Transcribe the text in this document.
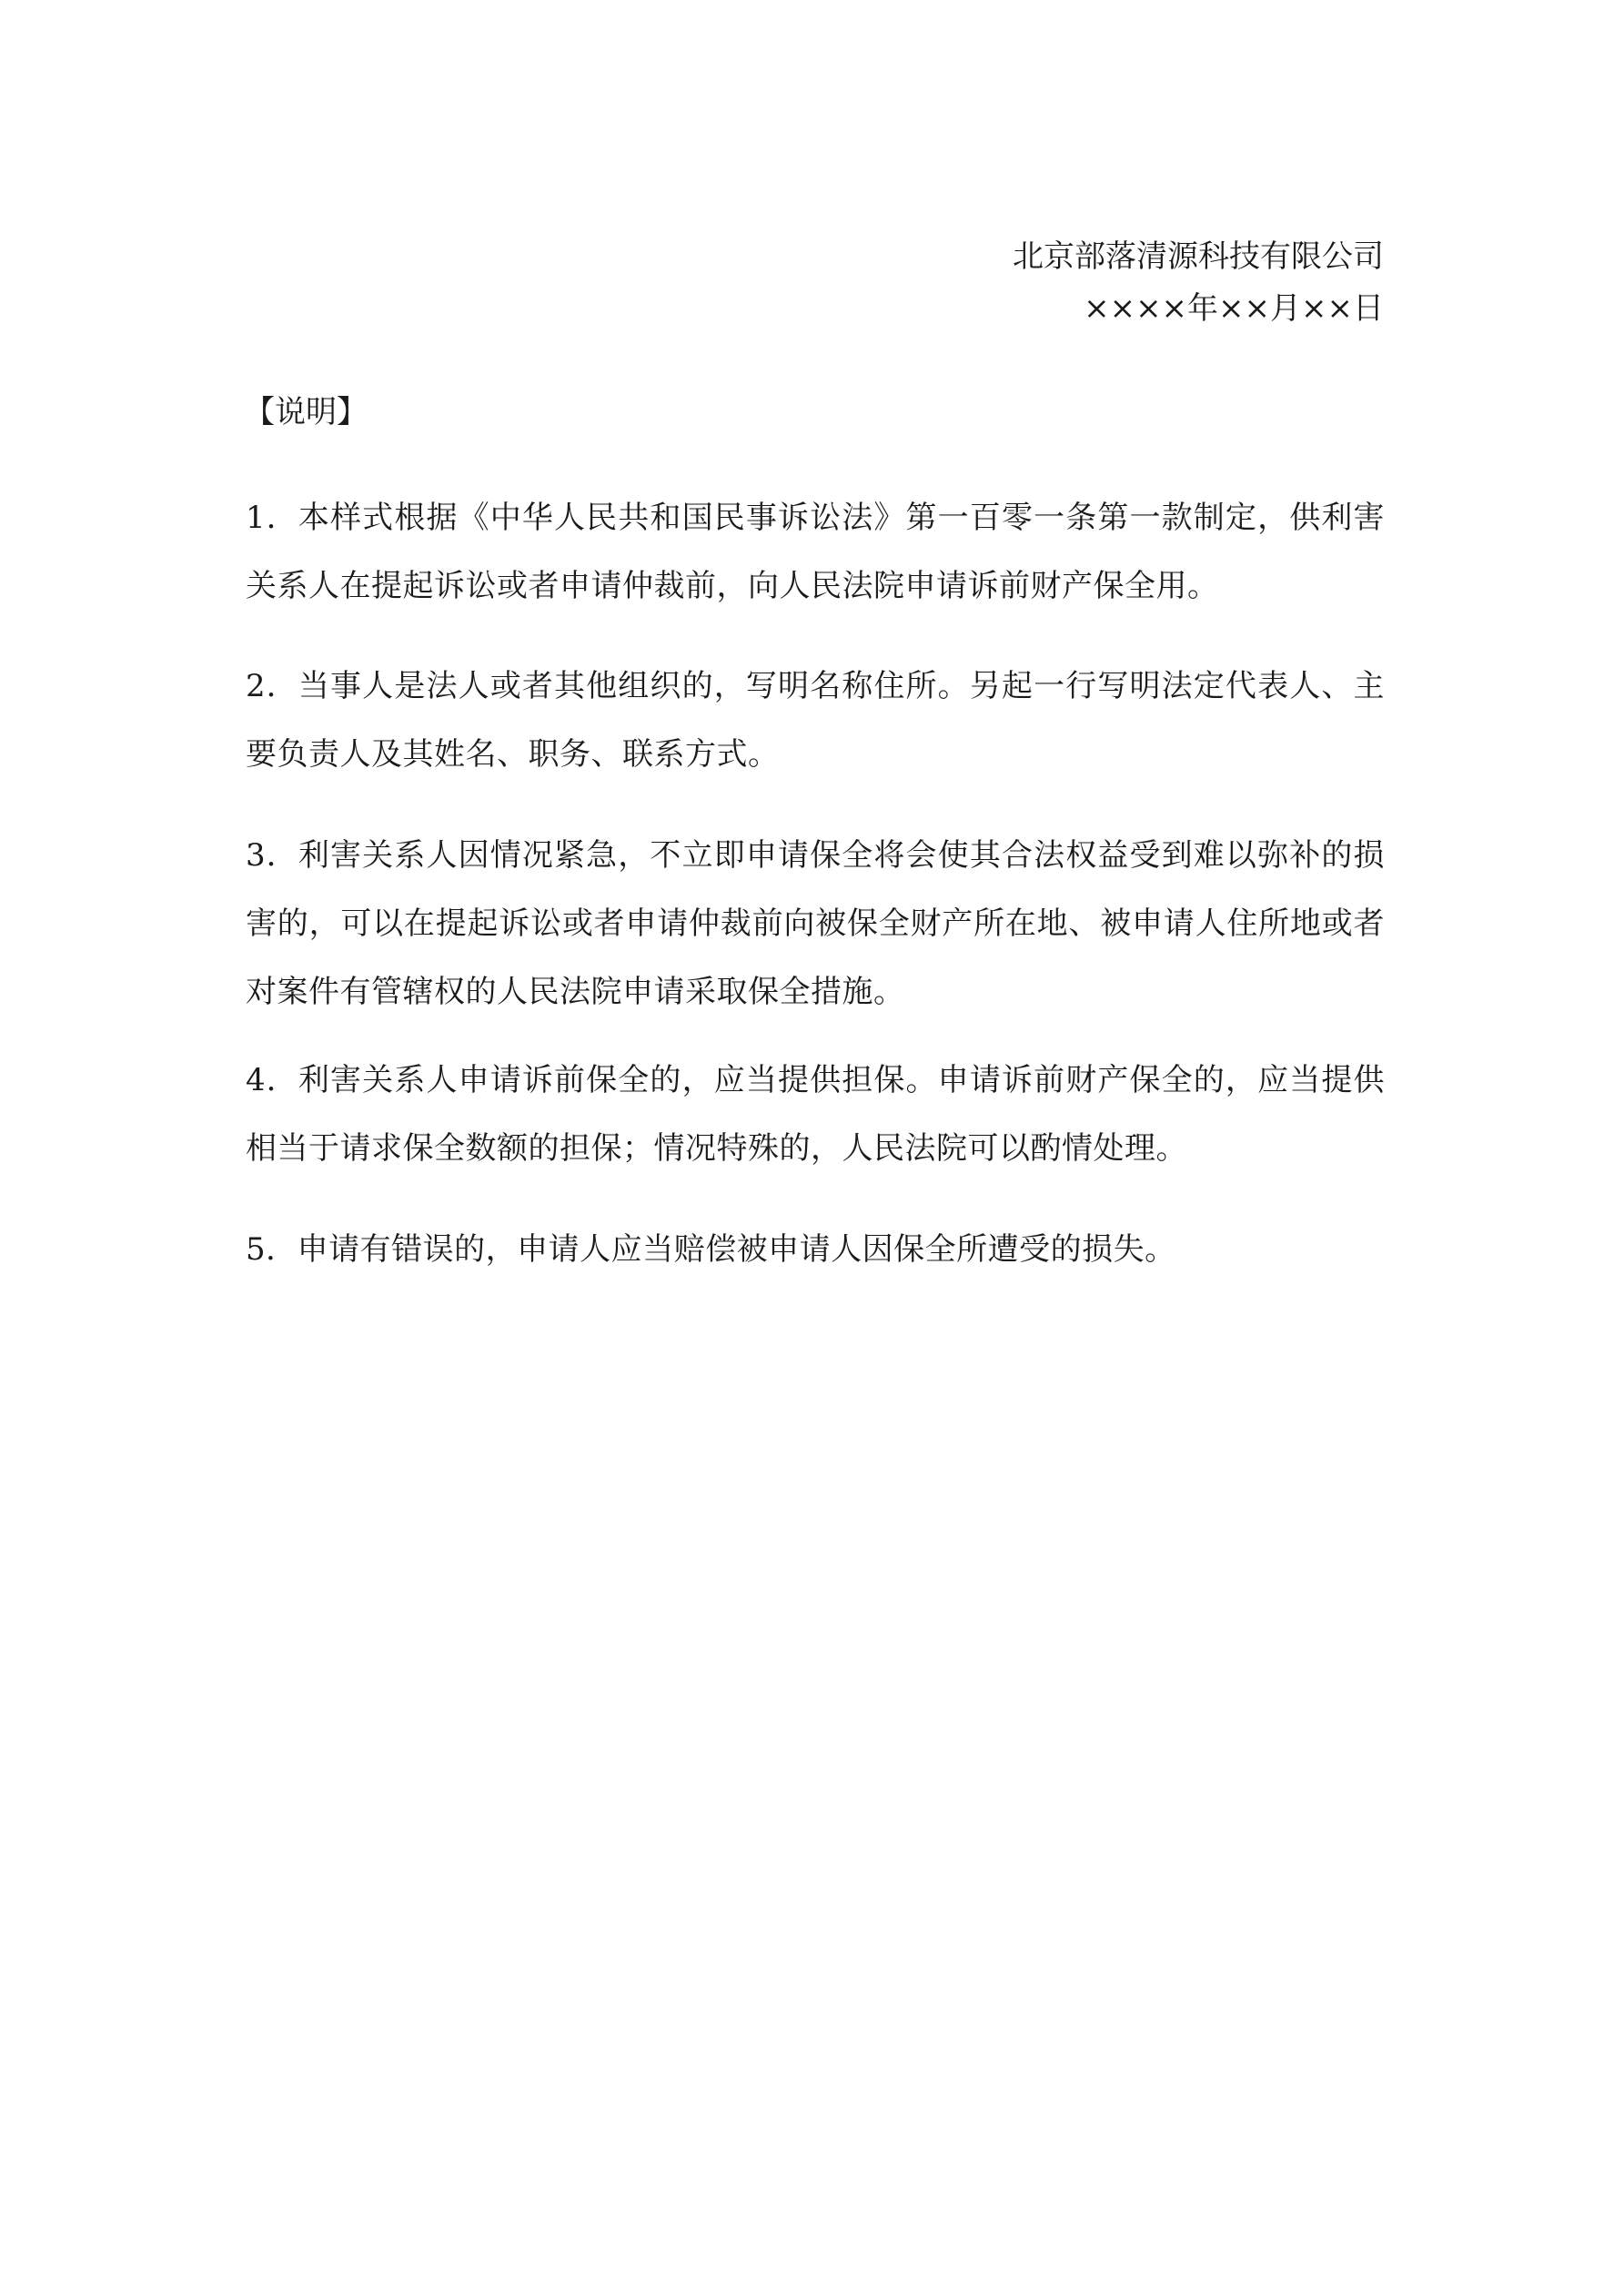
北京部落清源科技有限公司
××××年××月××日
【说明】
1．本样式根据《中华人民共和国民事诉讼法》第一百零一条第一款制定，供利害关系人在提起诉讼或者申请仲裁前，向人民法院申请诉前财产保全用。
2．当事人是法人或者其他组织的，写明名称住所。另起一行写明法定代表人、主要负责人及其姓名、职务、联系方式。
3．利害关系人因情况紧急，不立即申请保全将会使其合法权益受到难以弥补的损害的，可以在提起诉讼或者申请仲裁前向被保全财产所在地、被申请人住所地或者对案件有管辖权的人民法院申请采取保全措施。
4．利害关系人申请诉前保全的，应当提供担保。申请诉前财产保全的，应当提供相当于请求保全数额的担保；情况特殊的，人民法院可以酌情处理。
5．申请有错误的，申请人应当赔偿被申请人因保全所遭受的损失。
